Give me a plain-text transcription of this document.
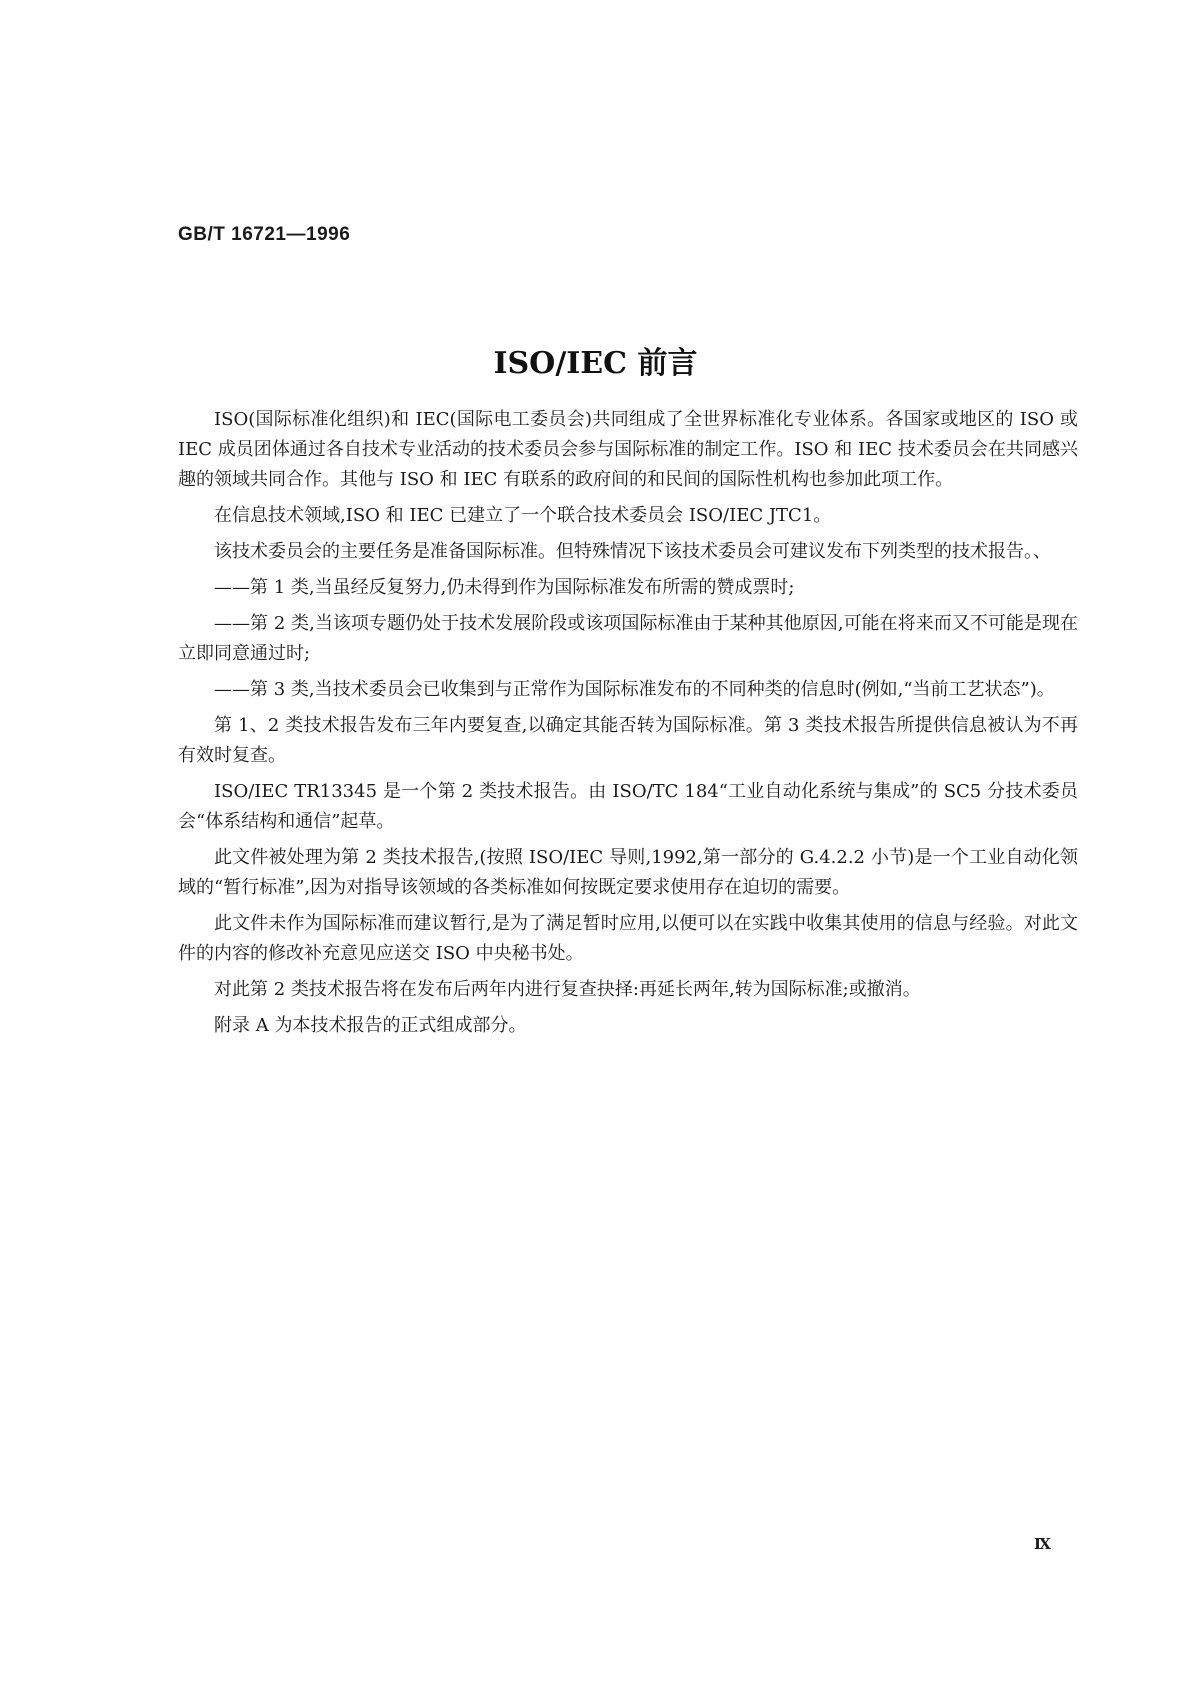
GB/T 16721—1996
ISO/IEC 前言

ISO(国际标准化组织)和 IEC(国际电工委员会)共同组成了全世界标准化专业体系。各国家或地区的 ISO 或 IEC 成员团体通过各自技术专业活动的技术委员会参与国际标准的制定工作。ISO 和 IEC 技术委员会在共同感兴趣的领域共同合作。其他与 ISO 和 IEC 有联系的政府间的和民间的国际性机构也参加此项工作。

在信息技术领域,ISO 和 IEC 已建立了一个联合技术委员会 ISO/IEC JTC1。

该技术委员会的主要任务是准备国际标准。但特殊情况下该技术委员会可建议发布下列类型的技术报告。、

——第 1 类,当虽经反复努力,仍未得到作为国际标准发布所需的赞成票时;

——第 2 类,当该项专题仍处于技术发展阶段或该项国际标准由于某种其他原因,可能在将来而又不可能是现在立即同意通过时;

——第 3 类,当技术委员会已收集到与正常作为国际标准发布的不同种类的信息时(例如,“当前工艺状态”)。

第 1、2 类技术报告发布三年内要复查,以确定其能否转为国际标准。第 3 类技术报告所提供信息被认为不再有效时复查。

ISO/IEC TR13345 是一个第 2 类技术报告。由 ISO/TC 184“工业自动化系统与集成”的 SC5 分技术委员会“体系结构和通信”起草。

此文件被处理为第 2 类技术报告,(按照 ISO/IEC 导则,1992,第一部分的 G.4.2.2 小节)是一个工业自动化领域的“暂行标准”,因为对指导该领域的各类标准如何按既定要求使用存在迫切的需要。

此文件未作为国际标准而建议暂行,是为了满足暂时应用,以便可以在实践中收集其使用的信息与经验。对此文件的内容的修改补充意见应送交 ISO 中央秘书处。

对此第 2 类技术报告将在发布后两年内进行复查抉择:再延长两年,转为国际标准;或撤消。

附录 A 为本技术报告的正式组成部分。

Ⅸ
